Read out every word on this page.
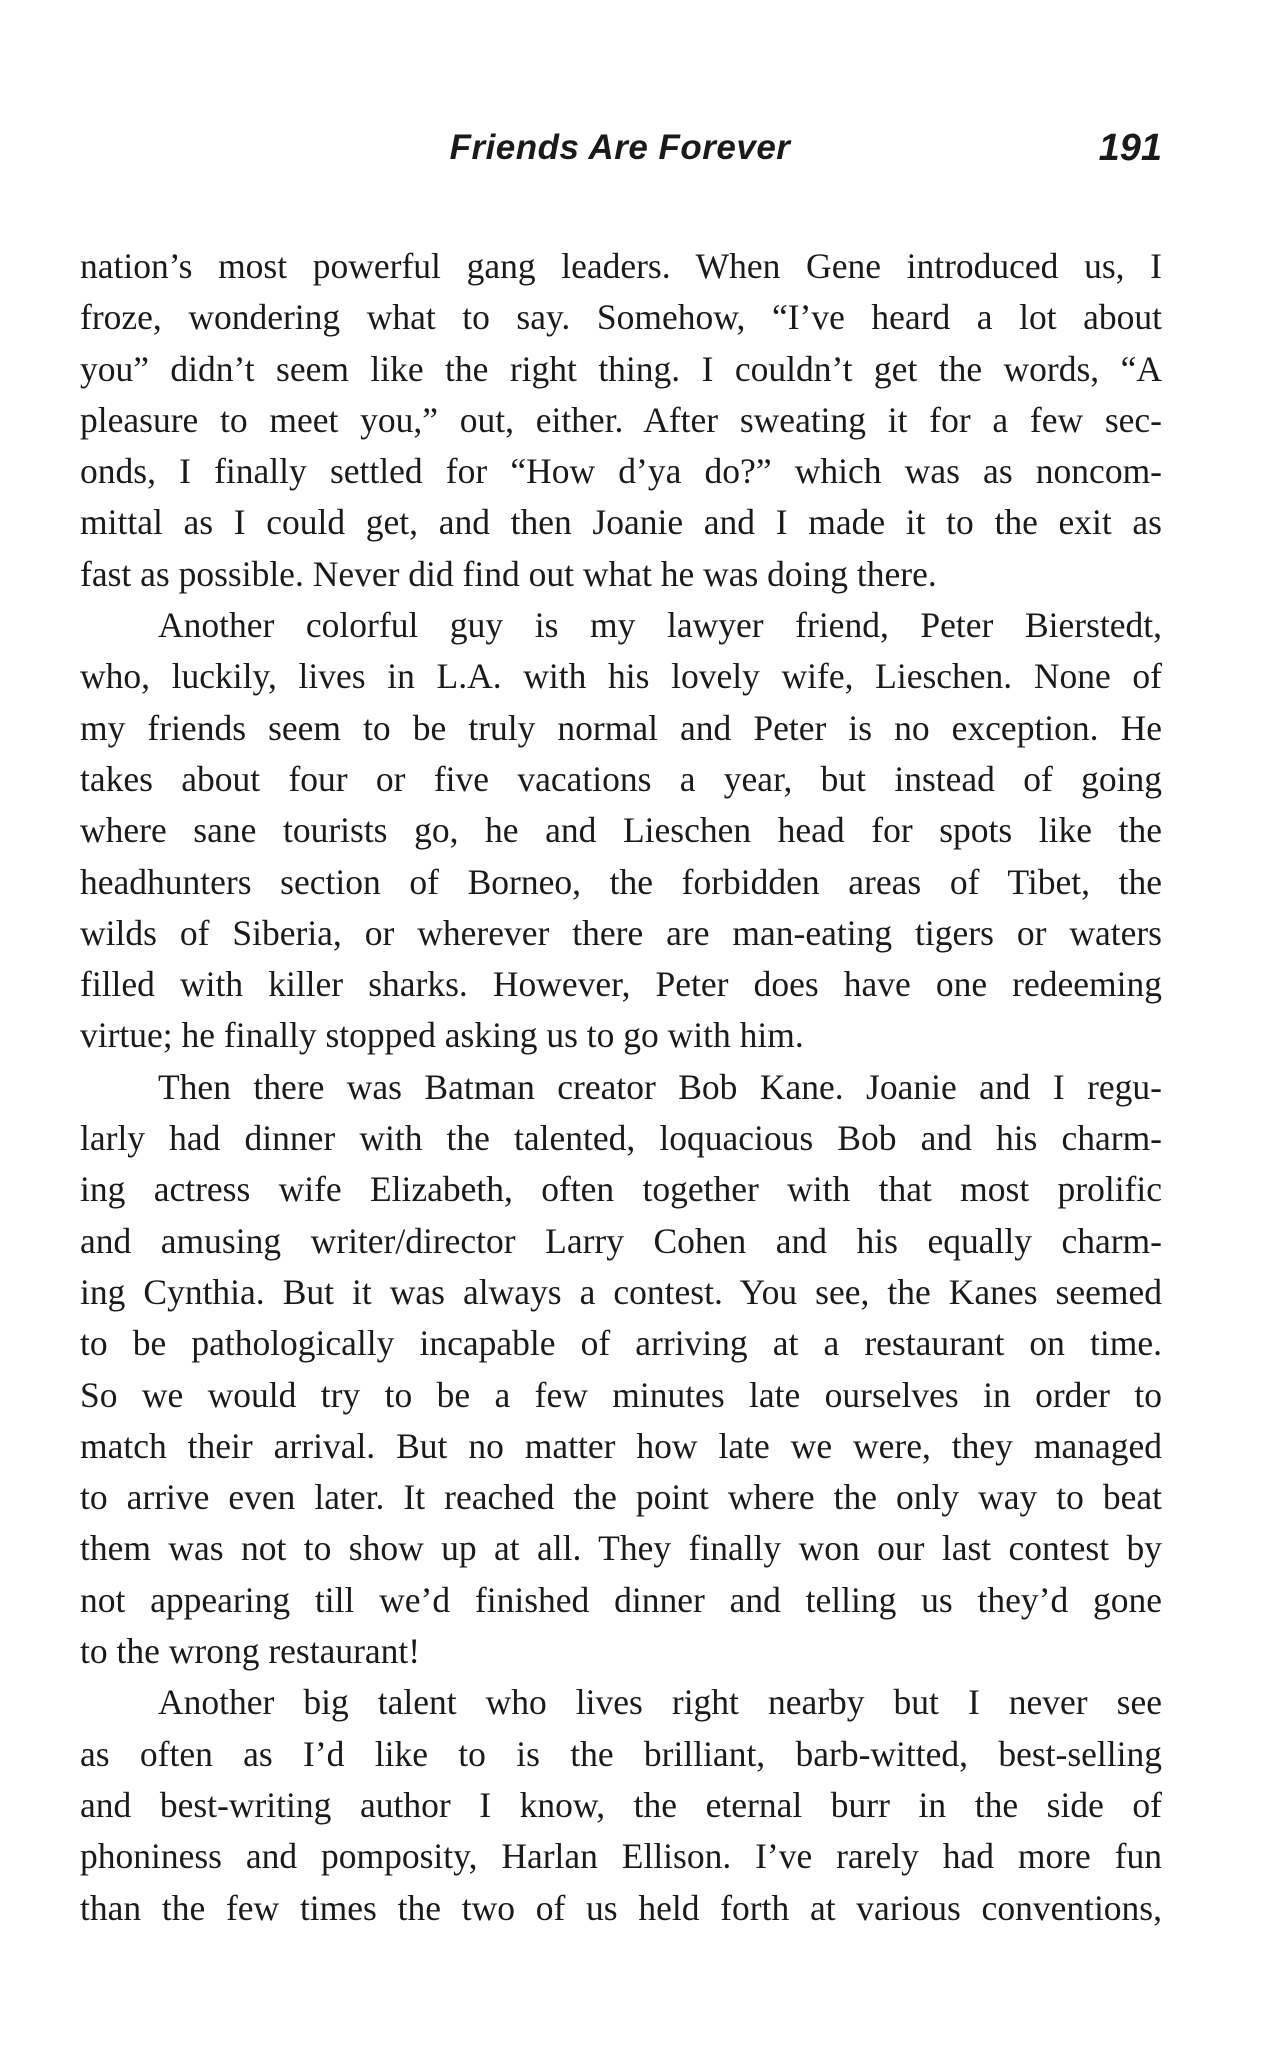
Friends Are Forever	191
nation’s most powerful gang leaders. When Gene introduced us, I
froze, wondering what to say. Somehow, “I’ve heard a lot about
you” didn’t seem like the right thing. I couldn’t get the words, “A
pleasure to meet you,” out, either. After sweating it for a few sec-
onds, I finally settled for “How d’ya do?” which was as noncom-
mittal as I could get, and then Joanie and I made it to the exit as
fast as possible. Never did find out what he was doing there.
Another colorful guy is my lawyer friend, Peter Bierstedt,
who, luckily, lives in L.A. with his lovely wife, Lieschen. None of
my friends seem to be truly normal and Peter is no exception. He
takes about four or five vacations a year, but instead of going
where sane tourists go, he and Lieschen head for spots like the
headhunters section of Borneo, the forbidden areas of Tibet, the
wilds of Siberia, or wherever there are man-eating tigers or waters
filled with killer sharks. However, Peter does have one redeeming
virtue; he finally stopped asking us to go with him.
Then there was Batman creator Bob Kane. Joanie and I regu-
larly had dinner with the talented, loquacious Bob and his charm-
ing actress wife Elizabeth, often together with that most prolific
and amusing writer/director Larry Cohen and his equally charm-
ing Cynthia. But it was always a contest. You see, the Kanes seemed
to be pathologically incapable of arriving at a restaurant on time.
So we would try to be a few minutes late ourselves in order to
match their arrival. But no matter how late we were, they managed
to arrive even later. It reached the point where the only way to beat
them was not to show up at all. They finally won our last contest by
not appearing till we’d finished dinner and telling us they’d gone
to the wrong restaurant!
Another big talent who lives right nearby but I never see
as often as I’d like to is the brilliant, barb-witted, best-selling
and best-writing author I know, the eternal burr in the side of
phoniness and pomposity, Harlan Ellison. I’ve rarely had more fun
than the few times the two of us held forth at various conventions,
